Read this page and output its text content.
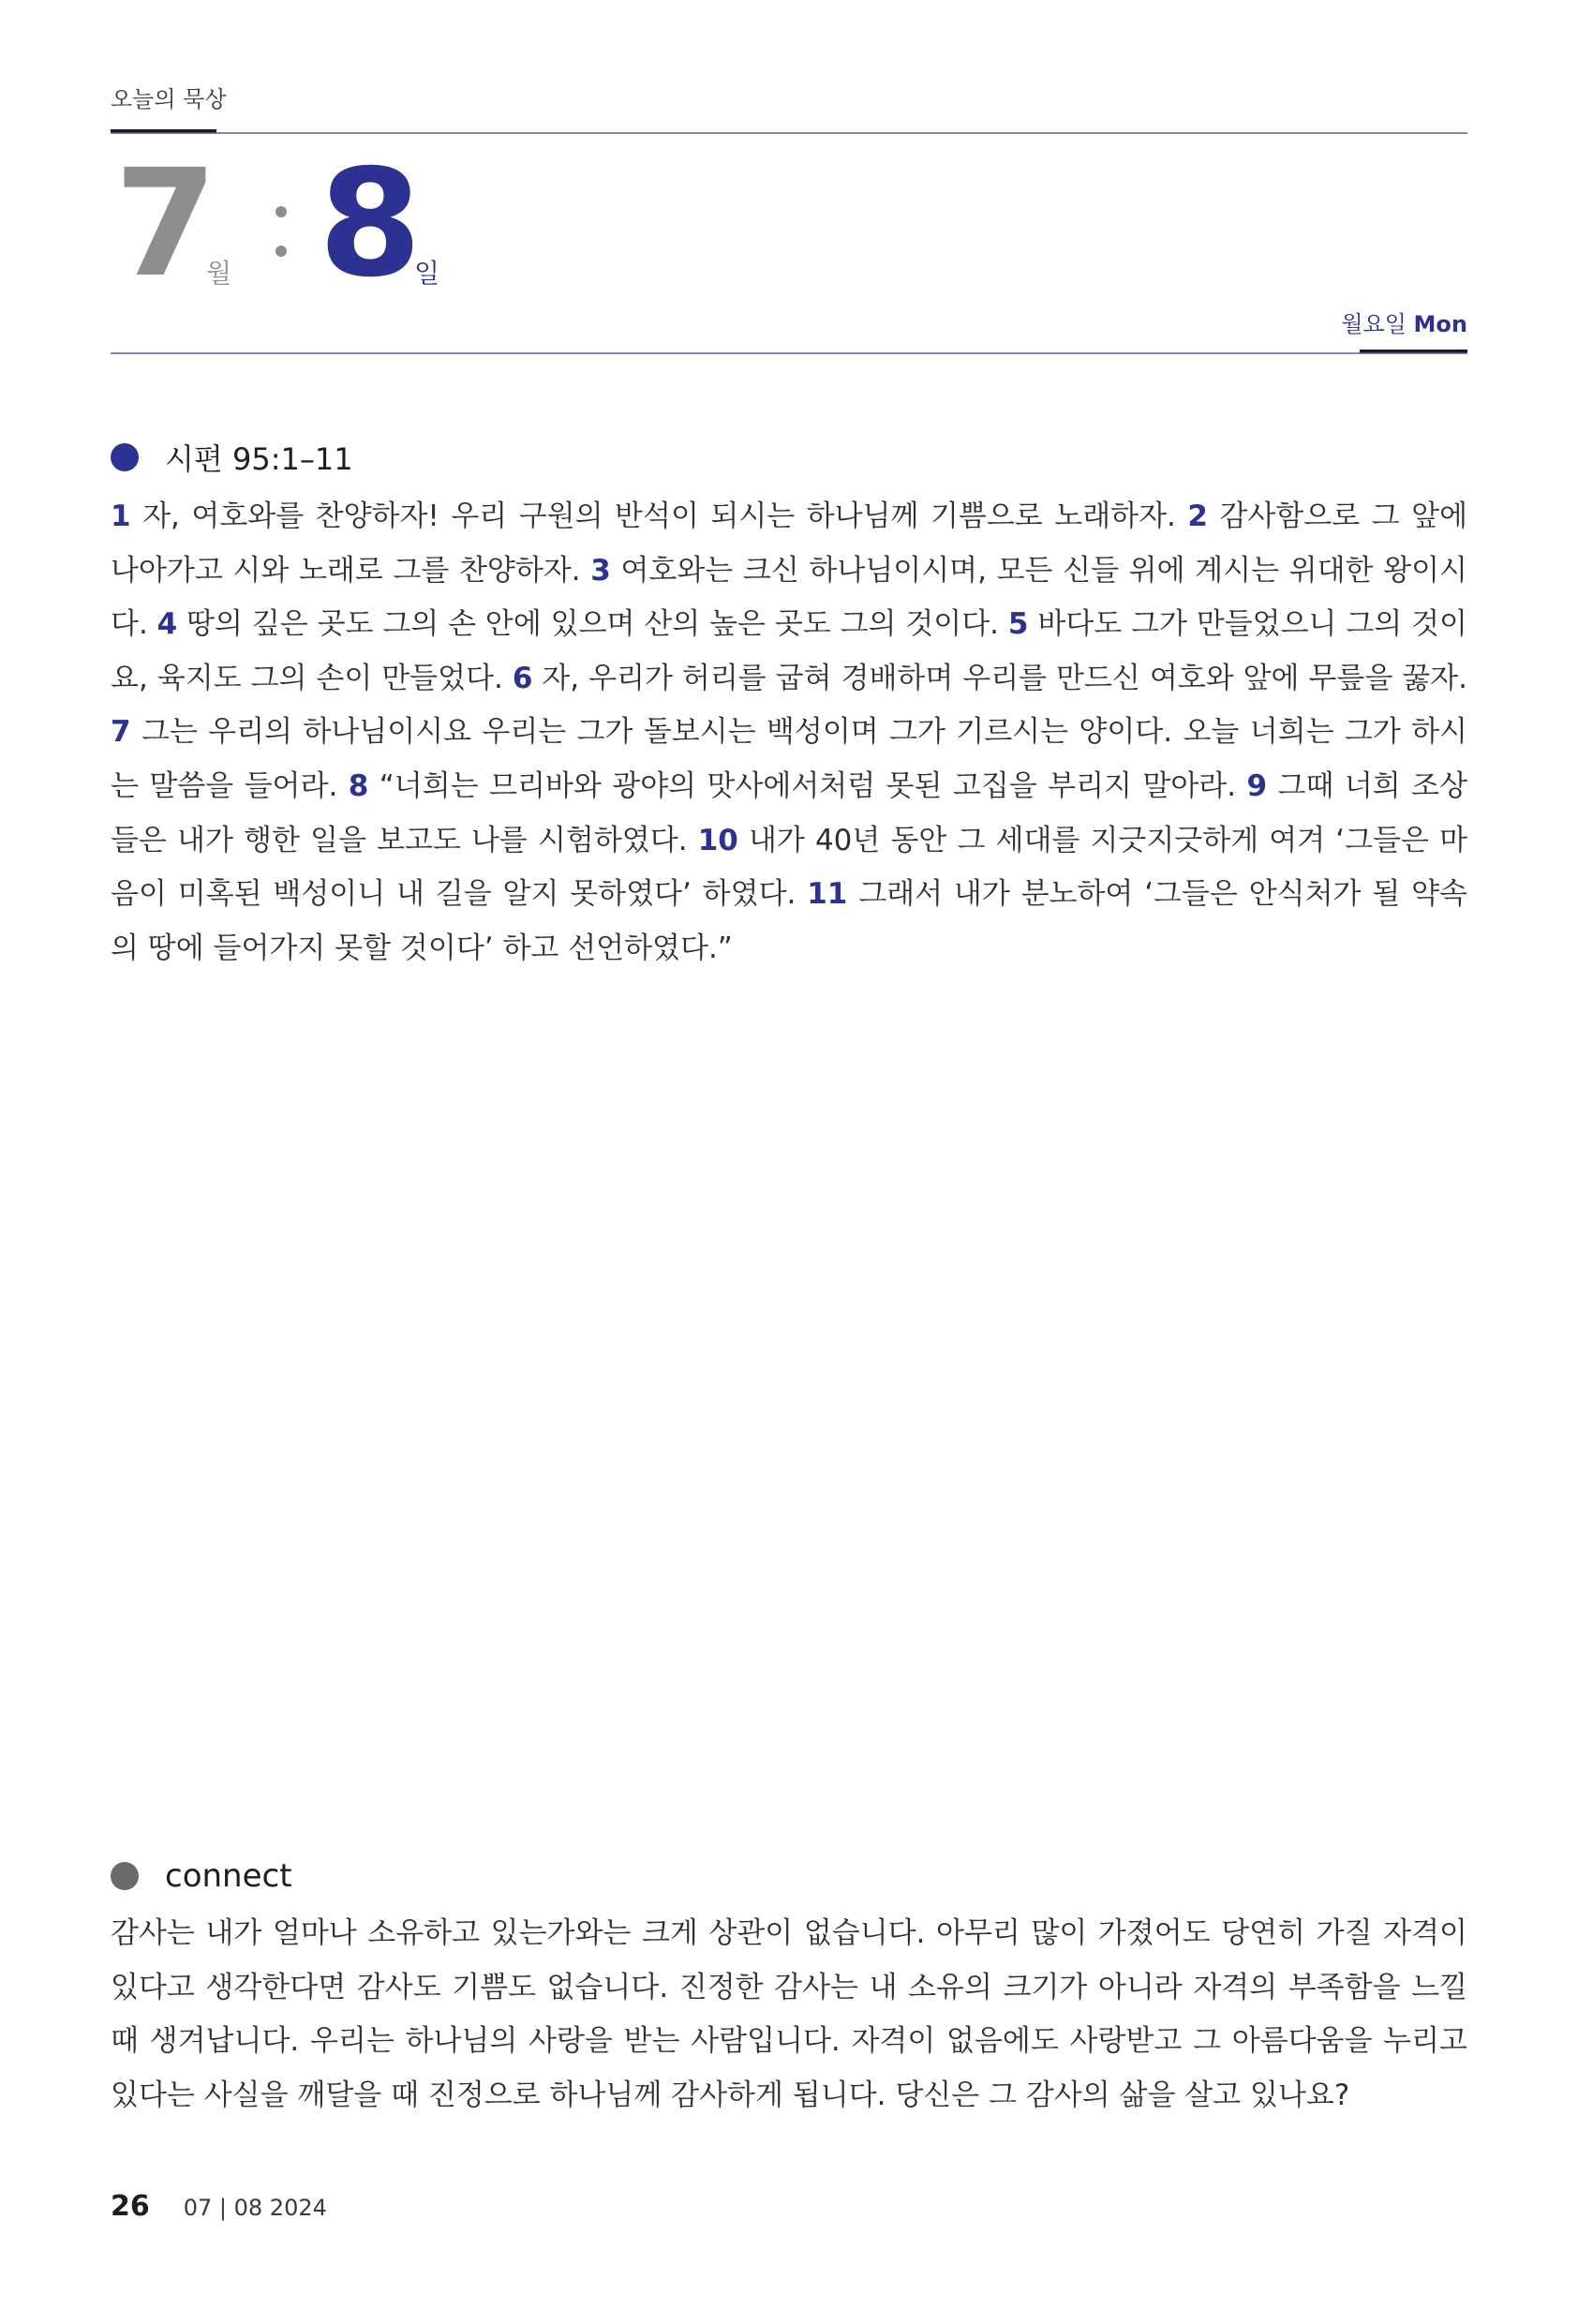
오늘의 묵상
7
월 8
일
월요일 Mon
시편 95:1–11
1 자, 여호와를 찬양하자! 우리 구원의 반석이 되시는 하나님께 기쁨으로 노래하자. 2 감사함으로 그 앞에 나아가고 시와 노래로 그를 찬양하자. 3 여호와는 크신 하나님이시며, 모든 신들 위에 계시는 위대한 왕이시다. 4 땅의 깊은 곳도 그의 손 안에 있으며 산의 높은 곳도 그의 것이다. 5 바다도 그가 만들었으니 그의 것이요, 육지도 그의 손이 만들었다. 6 자, 우리가 허리를 굽혀 경배하며 우리를 만드신 여호와 앞에 무릎을 꿇자. 7 그는 우리의 하나님이시요 우리는 그가 돌보시는 백성이며 그가 기르시는 양이다. 오늘 너희는 그가 하시는 말씀을 들어라. 8 “너희는 므리바와 광야의 맛사에서처럼 못된 고집을 부리지 말아라. 9 그때 너희 조상들은 내가 행한 일을 보고도 나를 시험하였다. 10 내가 40년 동안 그 세대를 지긋지긋하게 여겨 ‘그들은 마음이 미혹된 백성이니 내 길을 알지 못하였다’ 하였다. 11 그래서 내가 분노하여 ‘그들은 안식처가 될 약속의 땅에 들어가지 못할 것이다’ 하고 선언하였다.”
connect
감사는 내가 얼마나 소유하고 있는가와는 크게 상관이 없습니다. 아무리 많이 가졌어도 당연히 가질 자격이 있다고 생각한다면 감사도 기쁨도 없습니다. 진정한 감사는 내 소유의 크기가 아니라 자격의 부족함을 느낄 때 생겨납니다. 우리는 하나님의 사랑을 받는 사람입니다. 자격이 없음에도 사랑받고 그 아름다움을 누리고 있다는 사실을 깨달을 때 진정으로 하나님께 감사하게 됩니다. 당신은 그 감사의 삶을 살고 있나요?
26 07 | 08 2024
